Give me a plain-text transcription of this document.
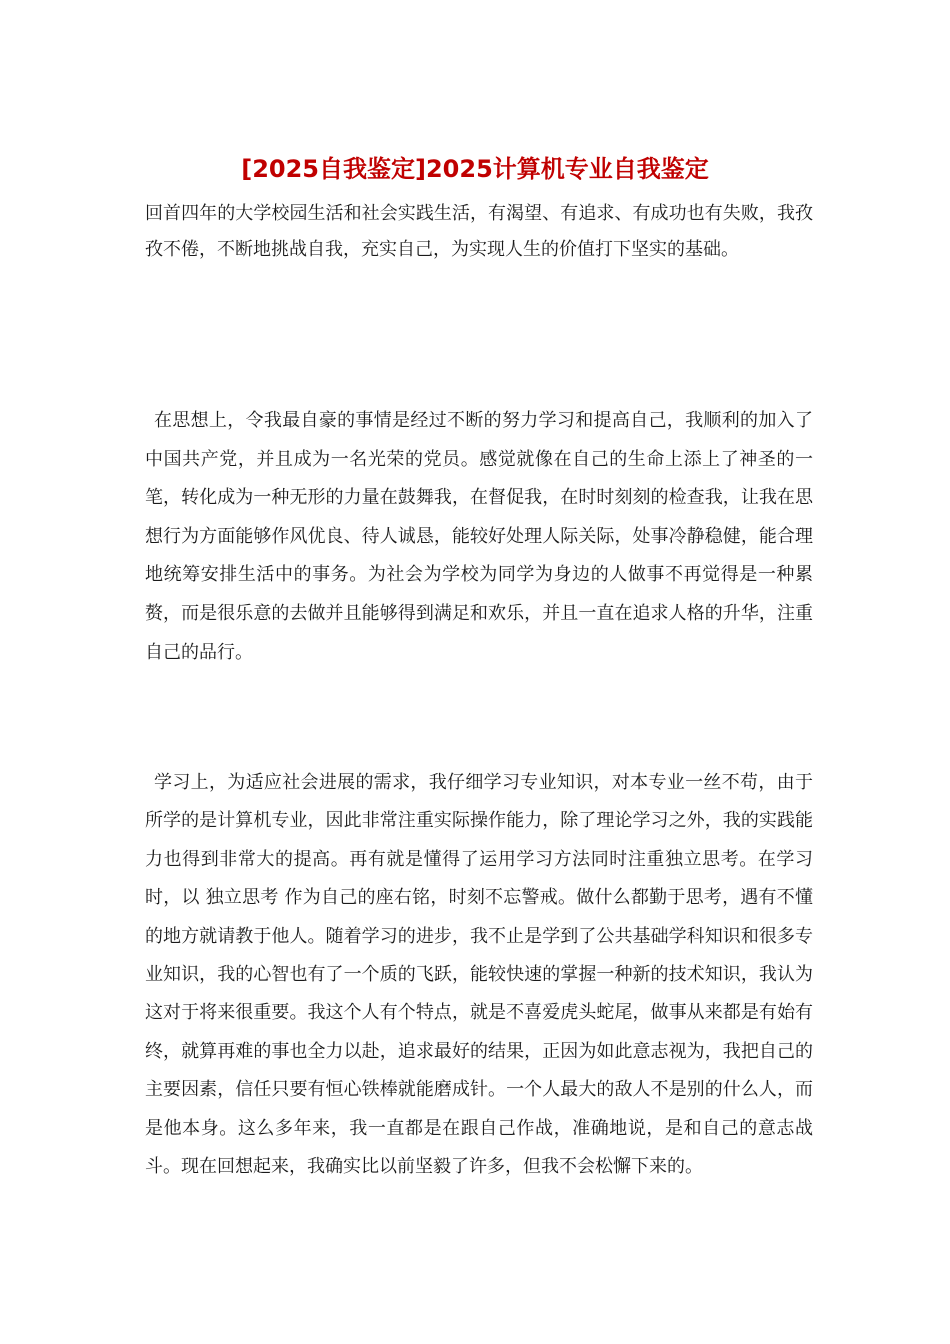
[2025自我鉴定]2025计算机专业自我鉴定

回首四年的大学校园生活和社会实践生活，有渴望、有追求、有成功也有失败，我孜孜不倦，不断地挑战自我，充实自己，为实现人生的价值打下坚实的基础。

在思想上，令我最自豪的事情是经过不断的努力学习和提高自己，我顺利的加入了中国共产党，并且成为一名光荣的党员。感觉就像在自己的生命上添上了神圣的一笔，转化成为一种无形的力量在鼓舞我，在督促我，在时时刻刻的检查我，让我在思想行为方面能够作风优良、待人诚恳，能较好处理人际关际，处事冷静稳健，能合理地统筹安排生活中的事务。为社会为学校为同学为身边的人做事不再觉得是一种累赘，而是很乐意的去做并且能够得到满足和欢乐，并且一直在追求人格的升华，注重自己的品行。

学习上，为适应社会进展的需求，我仔细学习专业知识，对本专业一丝不苟，由于所学的是计算机专业，因此非常注重实际操作能力，除了理论学习之外，我的实践能力也得到非常大的提高。再有就是懂得了运用学习方法同时注重独立思考。在学习时，以 独立思考 作为自己的座右铭，时刻不忘警戒。做什么都勤于思考，遇有不懂的地方就请教于他人。随着学习的进步，我不止是学到了公共基础学科知识和很多专业知识，我的心智也有了一个质的飞跃，能较快速的掌握一种新的技术知识，我认为这对于将来很重要。我这个人有个特点，就是不喜爱虎头蛇尾，做事从来都是有始有终，就算再难的事也全力以赴，追求最好的结果，正因为如此意志视为，我把自己的主要因素，信任只要有恒心铁棒就能磨成针。一个人最大的敌人不是别的什么人，而是他本身。这么多年来，我一直都是在跟自己作战，准确地说，是和自己的意志战斗。现在回想起来，我确实比以前坚毅了许多，但我不会松懈下来的。
